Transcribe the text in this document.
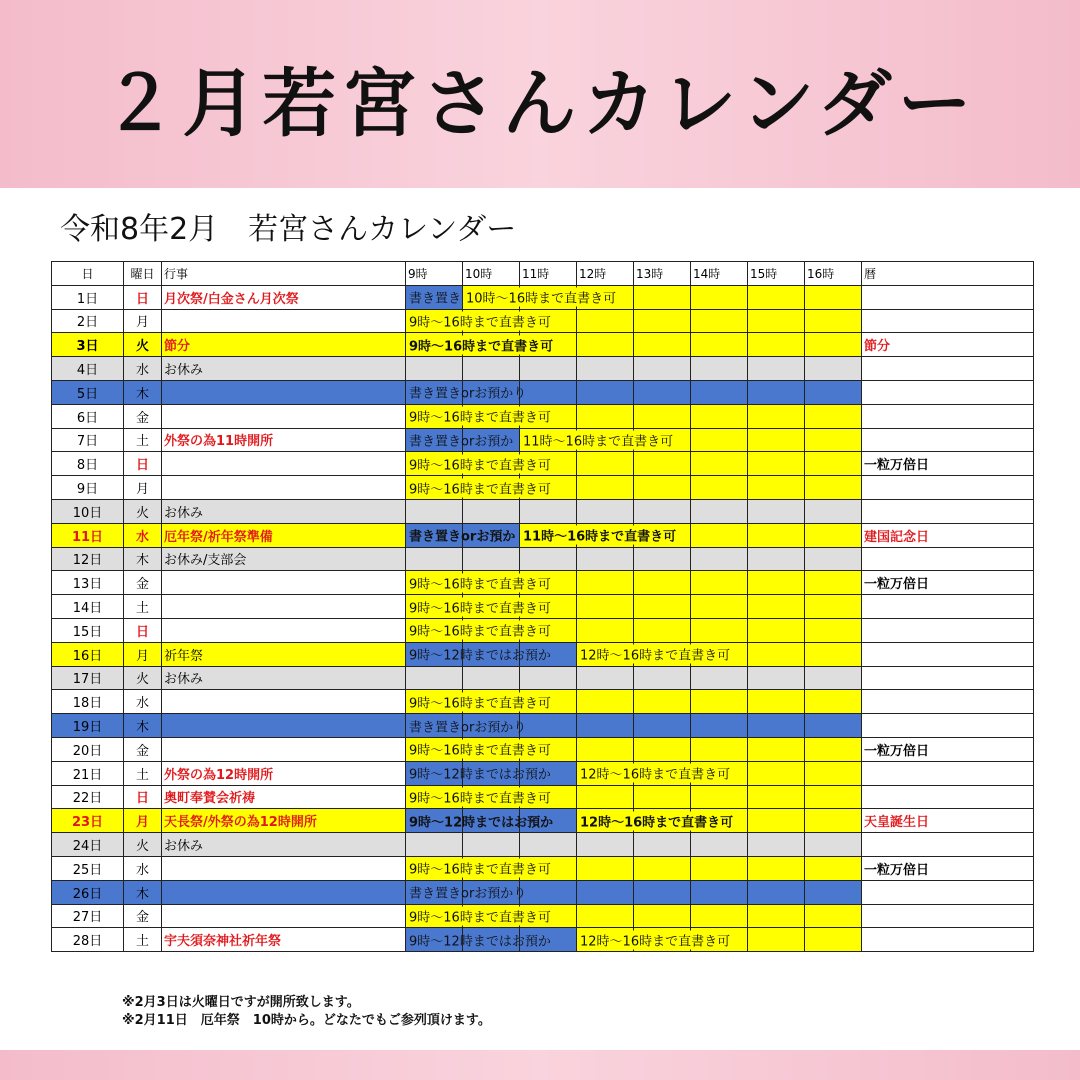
２月若宮さんカレンダー
令和8年2月　若宮さんカレンダー
日	曜日	行事	9時	10時	11時	12時	13時	14時	15時	16時	暦
1日	日	月次祭/白金さん月次祭	書き置き	10時～16時まで直書き可							

2日	月		9時～16時まで直書き可								

3日	火	節分	9時～16時まで直書き可								節分
4日	水	お休み									
5日	木		書き置きorお預かり								

6日	金		9時～16時まで直書き可								

7日	土	外祭の為11時開所	書き置きorお預か		11時～16時まで直書き可						

8日	日		9時～16時まで直書き可								一粒万倍日
9日	月		9時～16時まで直書き可								

10日	火	お休み									
11日	水	厄年祭/祈年祭準備	書き置きorお預か		11時～16時まで直書き可						建国記念日
12日	木	お休み/支部会									
13日	金		9時～16時まで直書き可								一粒万倍日
14日	土		9時～16時まで直書き可								

15日	日		9時～16時まで直書き可								

16日	月	祈年祭	9時～12時まではお預か			12時～16時まで直書き可					

17日	火	お休み									
18日	水		9時～16時まで直書き可								

19日	木		書き置きorお預かり								

20日	金		9時～16時まで直書き可								一粒万倍日
21日	土	外祭の為12時開所	9時～12時まではお預か			12時～16時まで直書き可					

22日	日	奥町奉賛会祈祷	9時～16時まで直書き可								

23日	月	天長祭/外祭の為12時開所	9時～12時まではお預か			12時～16時まで直書き可					天皇誕生日
24日	火	お休み									
25日	水		9時～16時まで直書き可								一粒万倍日
26日	木		書き置きorお預かり								

27日	金		9時～16時まで直書き可								

28日	土	宇夫須奈神社祈年祭	9時～12時まではお預か			12時～16時まで直書き可					

※2月3日は火曜日ですが開所致します。
※2月11日　厄年祭　10時から。どなたでもご参列頂けます。
